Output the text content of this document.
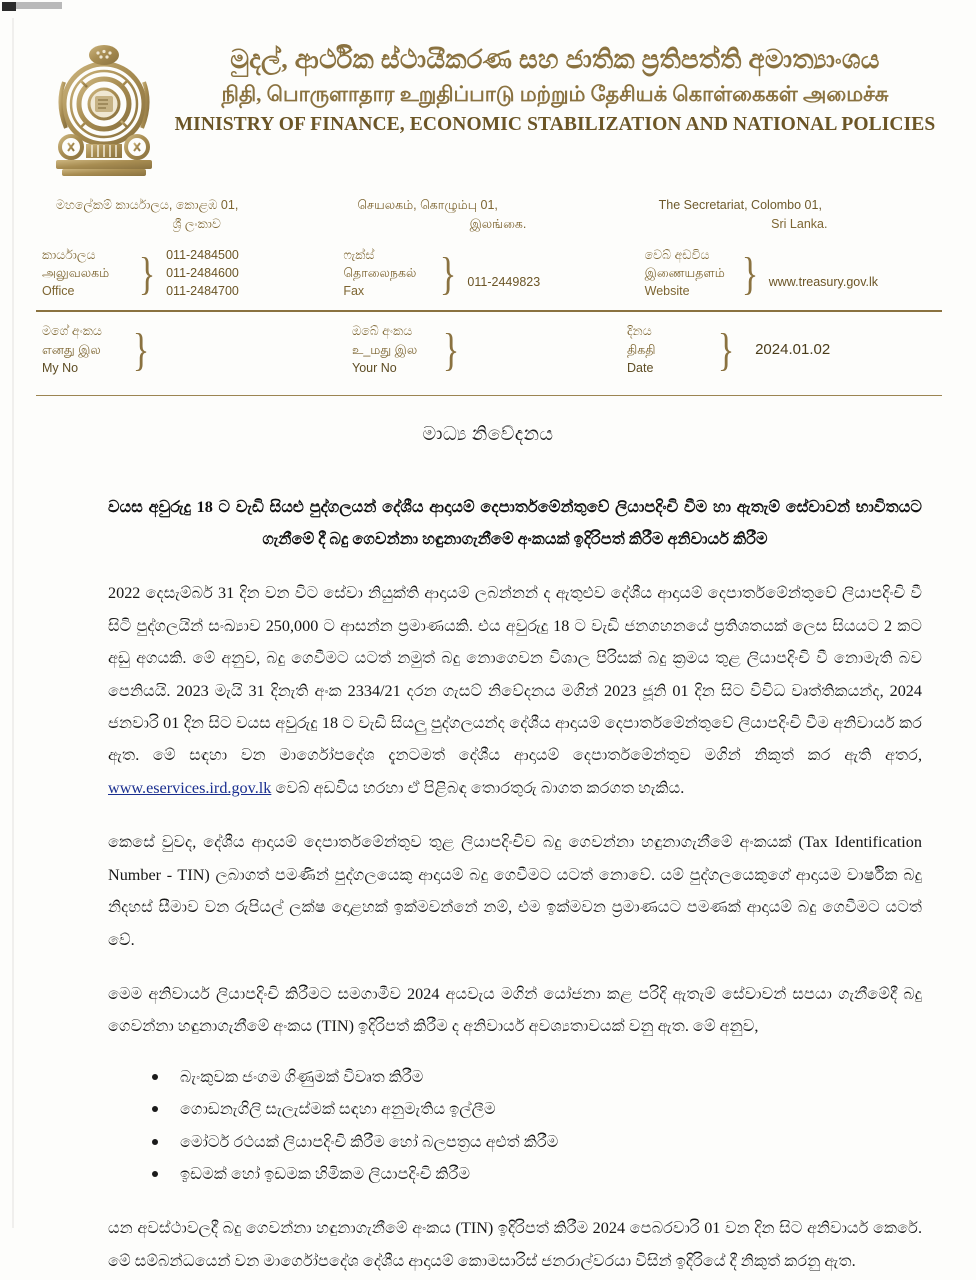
මුදල්, ආර්ථික ස්ථායීකරණ සහ ජාතික ප්‍රතිපත්ති අමාත්‍යාංශය
நிதி, பொருளாதார உறுதிப்பாடு மற்றும் தேசியக் கொள்கைகள் அமைச்சு
MINISTRY OF FINANCE, ECONOMIC STABILIZATION AND NATIONAL POLICIES
මහලේකම් කාර්යාලය, කොළඹ 01,
ශ්‍රී ලංකාව
කාර්යාලය
அலுவலகம்
Office	} 011-2484500
011-2484600
011-2484700
செயலகம், கொழும்பு 01,
இலங்கை.
ෆැක්ස්
தொலைநகல்
Fax	} 011-2449823
The Secretariat, Colombo 01,
Sri Lanka.
වෙබ් අඩවිය
இணையதளம்
Website	} www.treasury.gov.lk
මගේ අංකය
எனது இல
My No	}	ඔබේ අංකය
உ_மது இல
Your No	}	දිනය
திகதி
Date	} 2024.01.02
මාධ්‍ය නිවේදනය
වයස අවුරුදු 18 ට වැඩි සියළු පුද්ගලයන් දේශීය ආදායම් දෙපාර්තමේන්තුවේ ලියාපදිංචි වීම හා ඇතැම් සේවාවන් භාවිතයට ගැනීමේ දී බදු ගෙවන්නා හඳුනාගැනීමේ අංකයක් ඉදිරිපත් කිරීම අනිවාර්ය කිරීම

2022 දෙසැම්බර් 31 දින වන විට සේවා නියුක්ති ආදායම් ලබන්නන් ද ඇතුළුව දේශීය ආදායම් දෙපාර්තමේන්තුවේ ලියාපදිංචි වී සිටි පුද්ගලයින් සංඛ්‍යාව 250,000 ට ආසන්න ප්‍රමාණයකි. එය අවුරුදු 18 ට වැඩි ජනගහනයේ ප්‍රතිශතයක් ලෙස සියයට 2 කට අඩු අගයකි. මේ අනුව, බදු ගෙවීමට යටත් නමුත් බදු නොගෙවන විශාල පිරිසක් බදු ක්‍රමය තුළ ලියාපදිංචි වී නොමැති බව පෙනියයි. 2023 මැයි 31 දිනැති අංක 2334/21 දරන ගැසට් නිවේදනය මගින් 2023 ජූනි 01 දින සිට විවිධ වෘත්තිකයන්ද, 2024 ජනවාරි 01 දින සිට වයස අවුරුදු 18 ට වැඩි සියලු පුද්ගලයන්ද දේශීය ආදායම් දෙපාර්තමේන්තුවේ ලියාපදිංචි වීම අනිවාර්ය කර ඇත. මේ සඳහා වන මාර්ගෝපදේශ දැනටමත් දේශීය ආදායම් දෙපාර්තමේන්තුව මගින් නිකුත් කර ඇති අතර, www.eservices.ird.gov.lk වෙබ් අඩවිය හරහා ඒ පිළිබඳ තොරතුරු බාගත කරගත හැකිය.

කෙසේ වුවද, දේශීය ආදායම් දෙපාර්තමේන්තුව තුළ ලියාපදිංචිව බදු ගෙවන්නා හඳුනාගැනීමේ අංකයක් (Tax Identification Number - TIN) ලබාගත් පමණින් පුද්ගලයෙකු ආදායම් බදු ගෙවීමට යටත් නොවේ. යම් පුද්ගලයෙකුගේ ආදායම වාර්ෂික බදු නිදහස් සීමාව වන රුපියල් ලක්ෂ දොළහක් ඉක්මවන්නේ නම්, එම ඉක්මවන ප්‍රමාණයට පමණක් ආදායම් බදු ගෙවීමට යටත් වේ.

මෙම අනිවාර්ය ලියාපදිංචි කිරීමට සමගාමීව 2024 අයවැය මගින් යෝජනා කළ පරිදි ඇතැම් සේවාවන් සපයා ගැනීමේදී බදු ගෙවන්නා හඳුනාගැනීමේ අංකය (TIN) ඉදිරිපත් කිරීම ද අනිවාර්ය අවශ්‍යතාවයක් වනු ඇත. මේ අනුව,

බැංකුවක ජංගම ගිණුමක් විවෘත කිරීම
ගොඩනැගිලි සැලැස්මක් සඳහා අනුමැතිය ඉල්ලීම
මෝටර් රථයක් ලියාපදිංචි කිරීම හෝ බලපත්‍රය අළුත් කිරීම
ඉඩමක් හෝ ඉඩමක හිමිකම ලියාපදිංචි කිරීම

යන අවස්ථාවලදී බදු ගෙවන්නා හඳුනාගැනීමේ අංකය (TIN) ඉදිරිපත් කිරීම 2024 පෙබරවාරි 01 වන දින සිට අනිවාර්ය කෙරේ. මේ සම්බන්ධයෙන් වන මාර්ගෝපදේශ දේශීය ආදායම් කොමසාරිස් ජනරාල්වරයා විසින් ඉදිරියේ දී නිකුත් කරනු ඇත.
